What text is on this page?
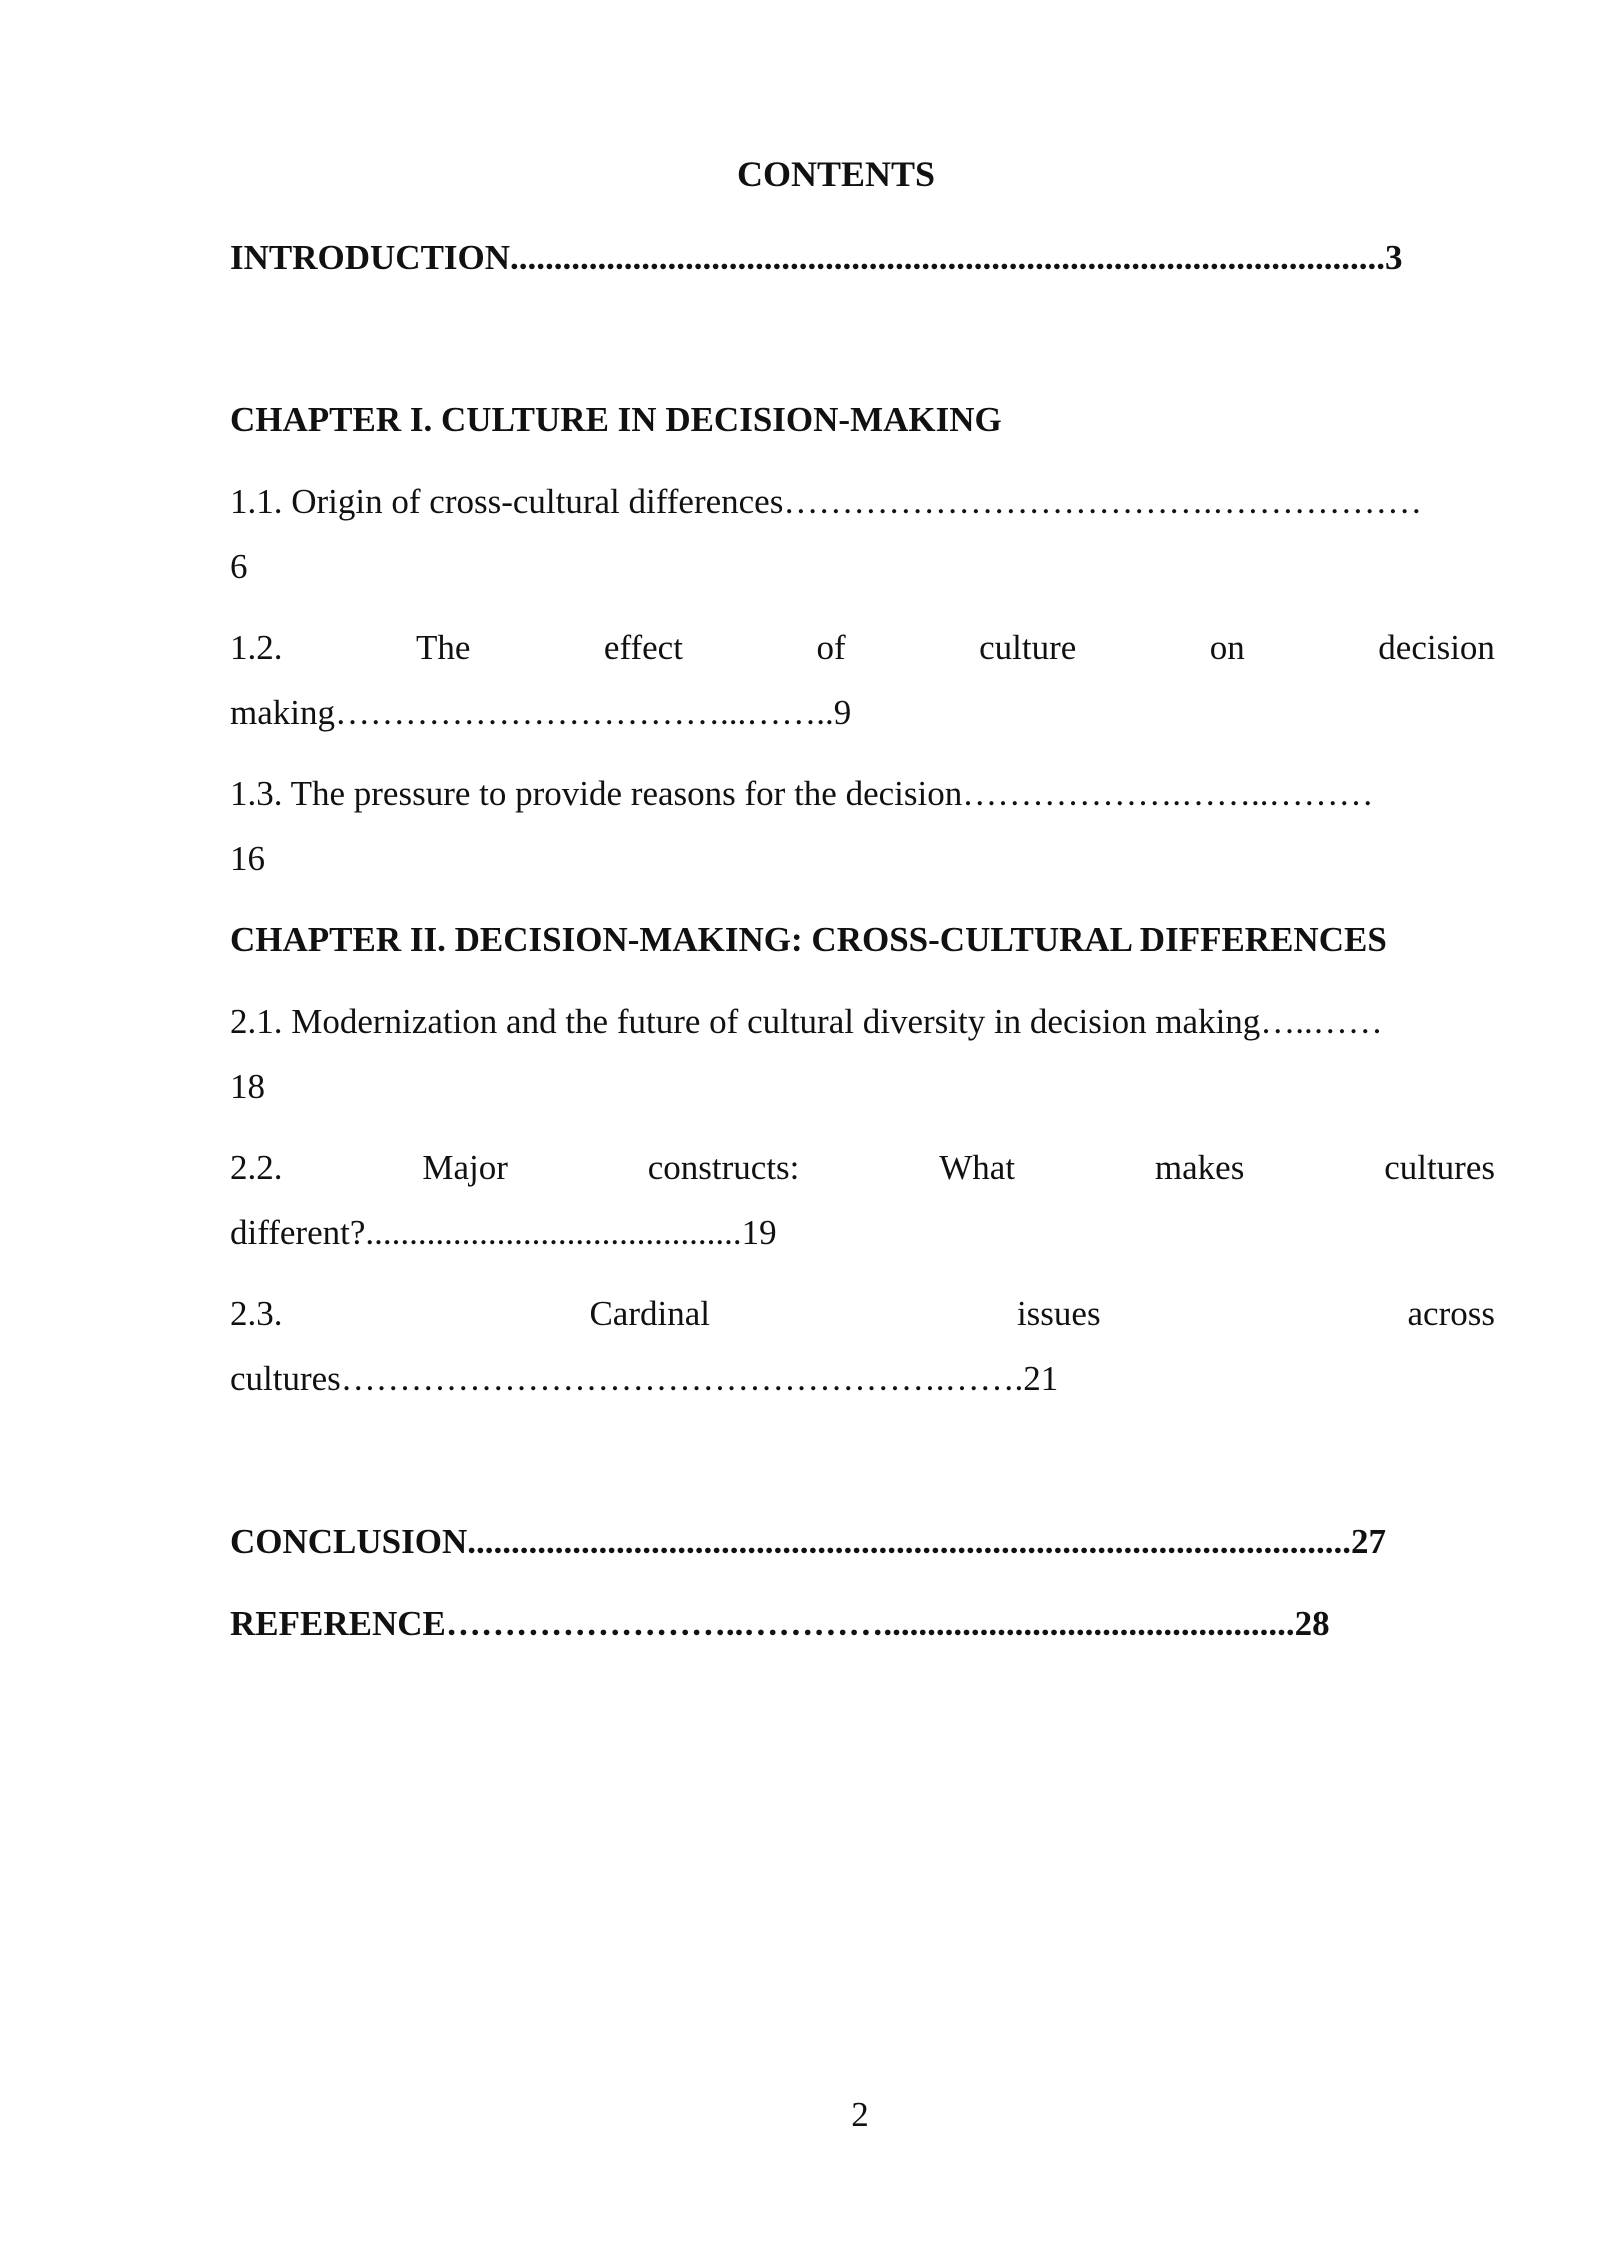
CONTENTS
INTRODUCTION....................................................................................................3
CHAPTER I. CULTURE IN DECISION-MAKING
1.1. Origin of cross-cultural differences……………………………….………………
6
1.2.	The	effect	of	culture	on	decision
making……………………………...……..9
1.3. The pressure to provide reasons for the decision……………….……..………
16
CHAPTER II. DECISION-MAKING: CROSS-CULTURAL DIFFERENCES
2.1. Modernization and the future of cultural diversity in decision making…..……
18
2.2.	Major	constructs:	What	makes	cultures
different?...........................................19
2.3.	Cardinal	issues	across
cultures…………………………………………….…….21
CONCLUSION.....................................................................................................27
REFERENCE……………………..…………...............................................28
2
